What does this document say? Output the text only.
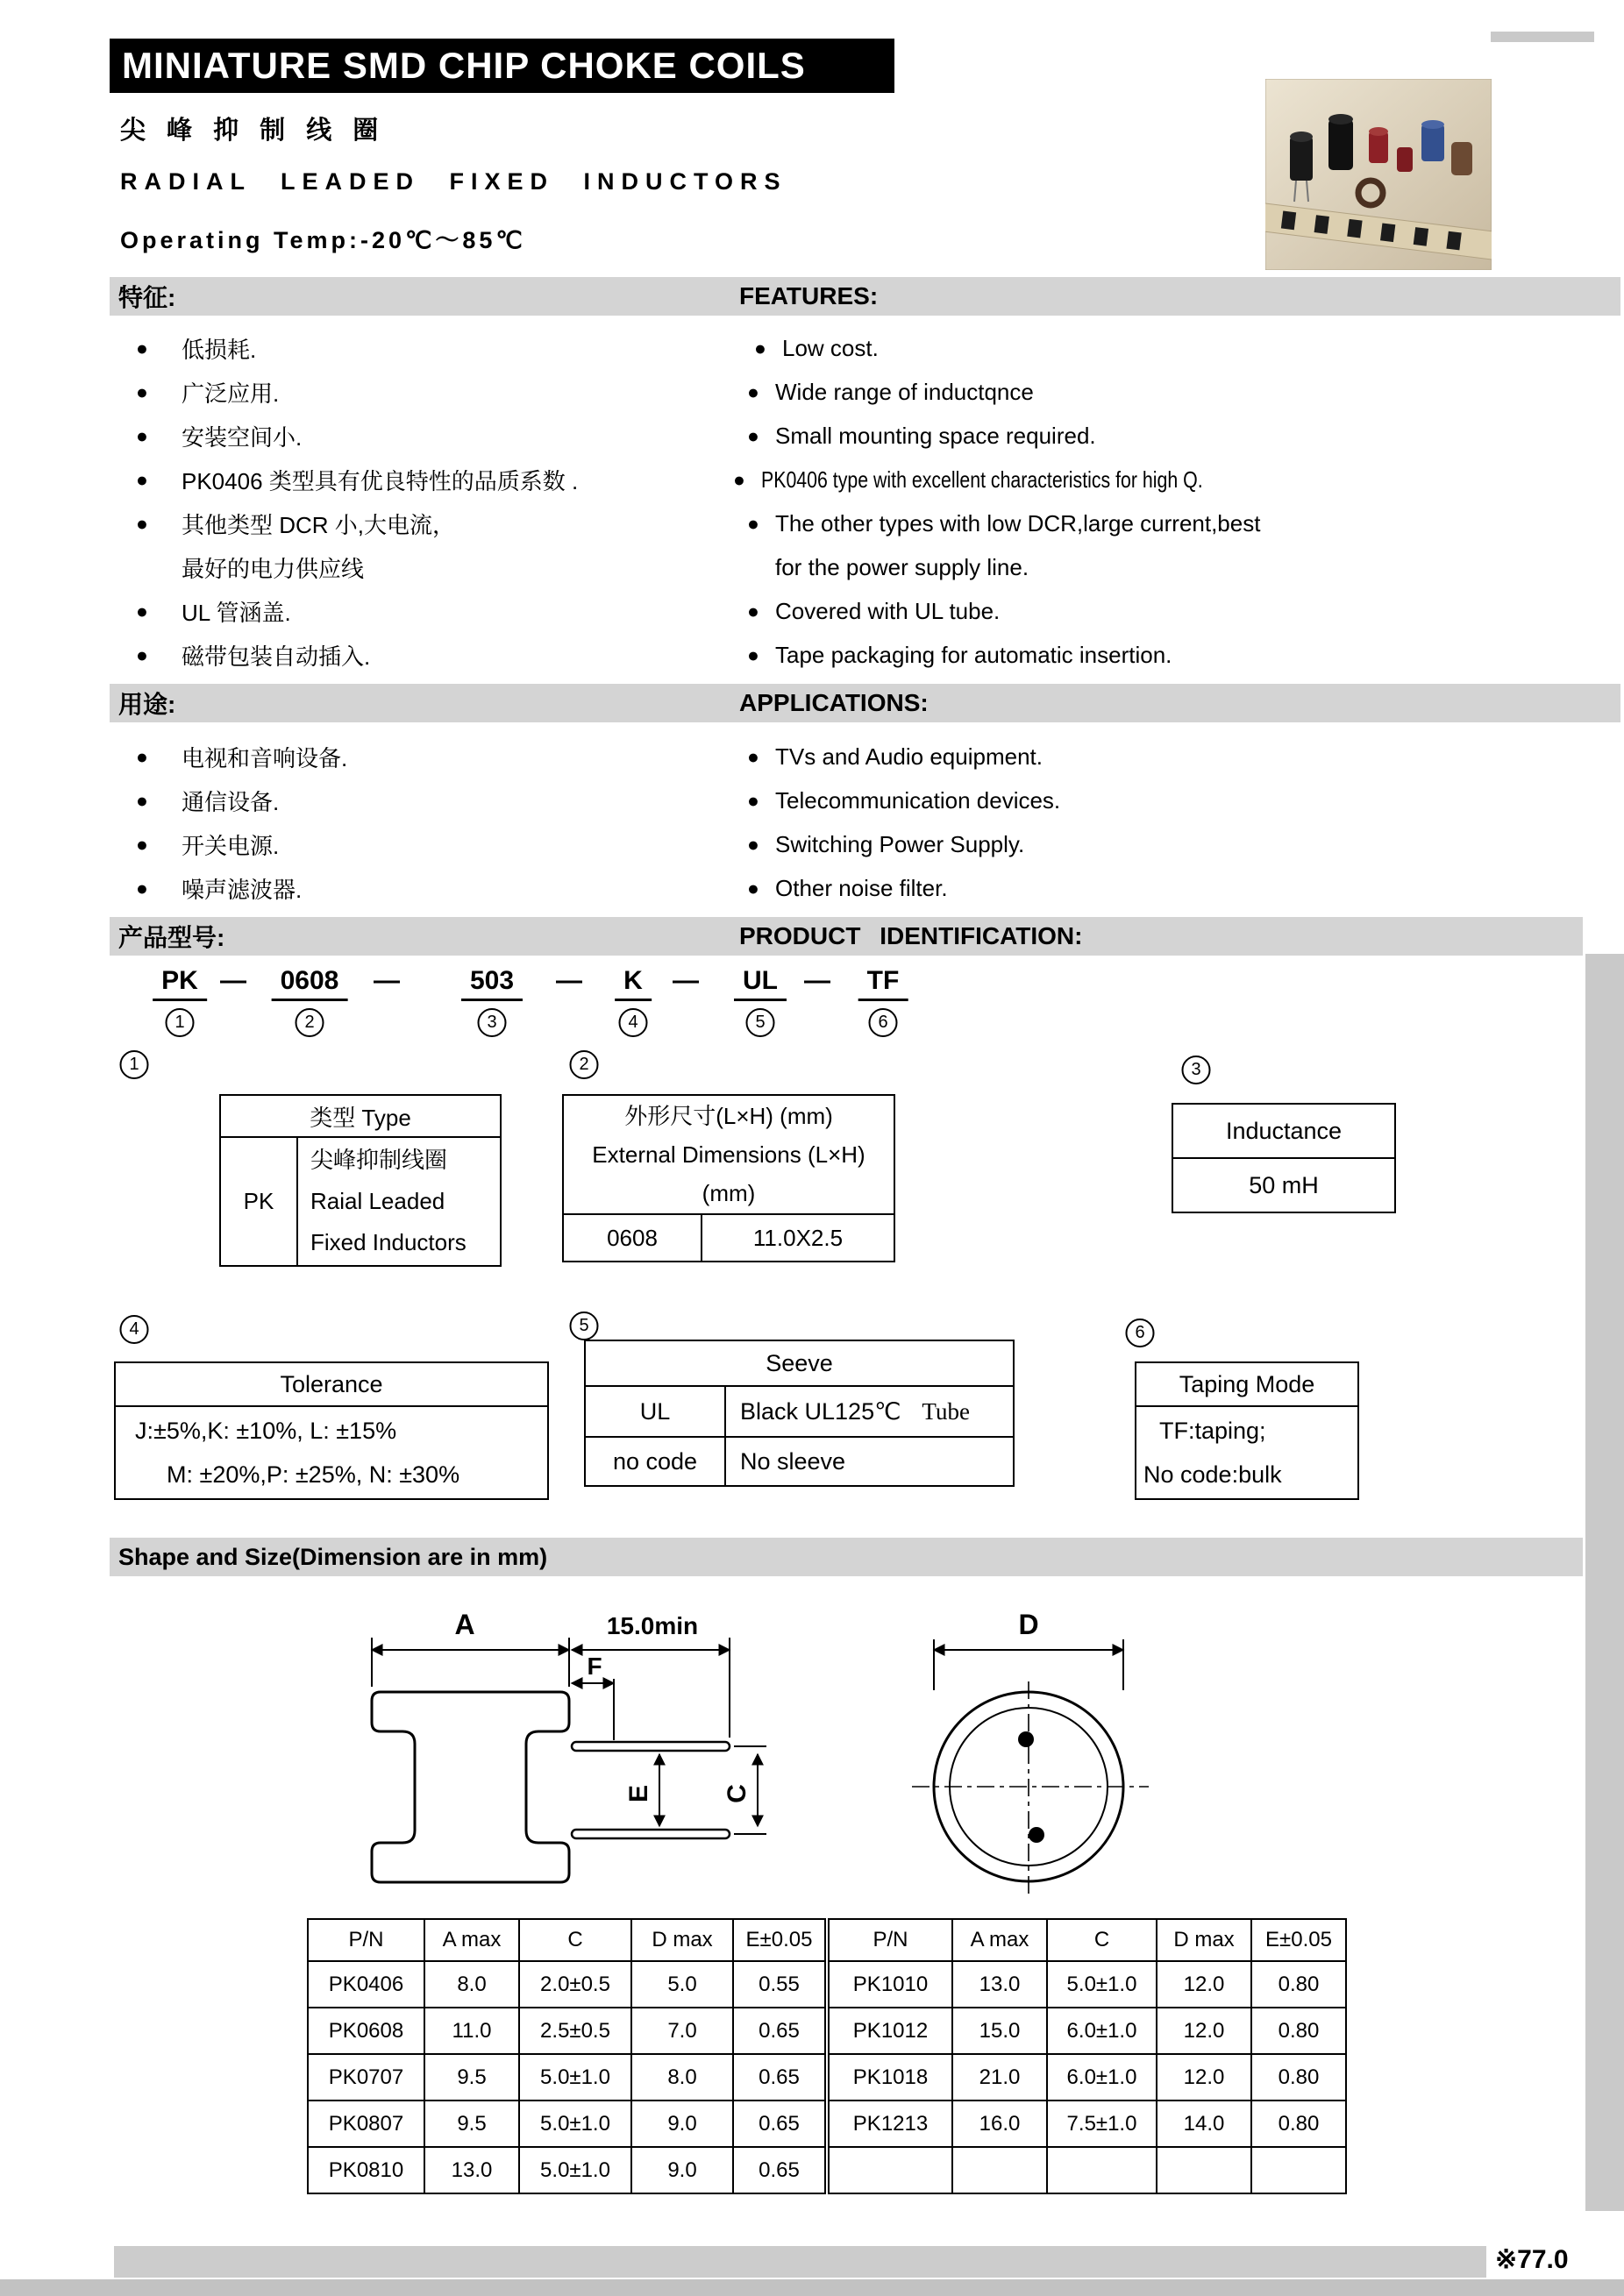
MINIATURE SMD CHIP CHOKE COILS
尖 峰 抑 制 线 圈
RADIAL LEADED FIXED INDUCTORS
Operating Temp:-20℃～85℃
特征:	FEATURES:
●	低损耗.
●	广泛应用.
●	安装空间小.
●	PK0406 类型具有优良特性的品质系数 .
●	其他类型 DCR 小,大电流，
最好的电力供应线
●	UL 管涵盖.
●	磁带包装自动插入.
● Low cost.
● Wide range of inductqnce
● Small mounting space required.
● PK0406 type with excellent characteristics for high Q.
● The other types with low DCR,large current,best
for the power supply line.
● Covered with UL tube.
● Tape packaging for automatic insertion.
用途:	APPLICATIONS:
●	电视和音响设备.
●	通信设备.
●	开关电源.
●	噪声滤波器.
● TVs and Audio equipment.
● Telecommunication devices.
● Switching Power Supply.
● Other noise filter.
产品型号:	PRODUCT IDENTIFICATION:
PK —	0608	—	503	—	K	—	UL	—	TF
1	2	3	4	5	6
1	2	3
4	5	6
类型 Type
PK	
尖峰抑制线圈
Raial Leaded
Fixed Inductors
外形尺寸(L×H) (mm)
External Dimensions (L×H)
(mm)

0608	11.0X2.5
Inductance
50 mH
Tolerance

J:±5%,K: ±10%, L: ±15%
M: ±20%,P: ±25%, N: ±30%
Seeve	
UL	Black UL125℃ Tube
no code	No sleeve
Taping Mode

TF:taping;
No code:bulk
Shape and Size(Dimension are in mm)
A	15.0min
F
E	C
D
P/N	A max	C	D max	E±0.05
PK0406	8.0	2.0±0.5	5.0	0.55
PK0608	11.0	2.5±0.5	7.0	0.65
PK0707	9.5	5.0±1.0	8.0	0.65
PK0807	9.5	5.0±1.0	9.0	0.65
PK0810	13.0	5.0±1.0	9.0	0.65
P/N	A max	C	D max	E±0.05
PK1010	13.0	5.0±1.0	12.0	0.80
PK1012	15.0	6.0±1.0	12.0	0.80
PK1018	21.0	6.0±1.0	12.0	0.80
PK1213	16.0	7.5±1.0	14.0	0.80

※77.0
